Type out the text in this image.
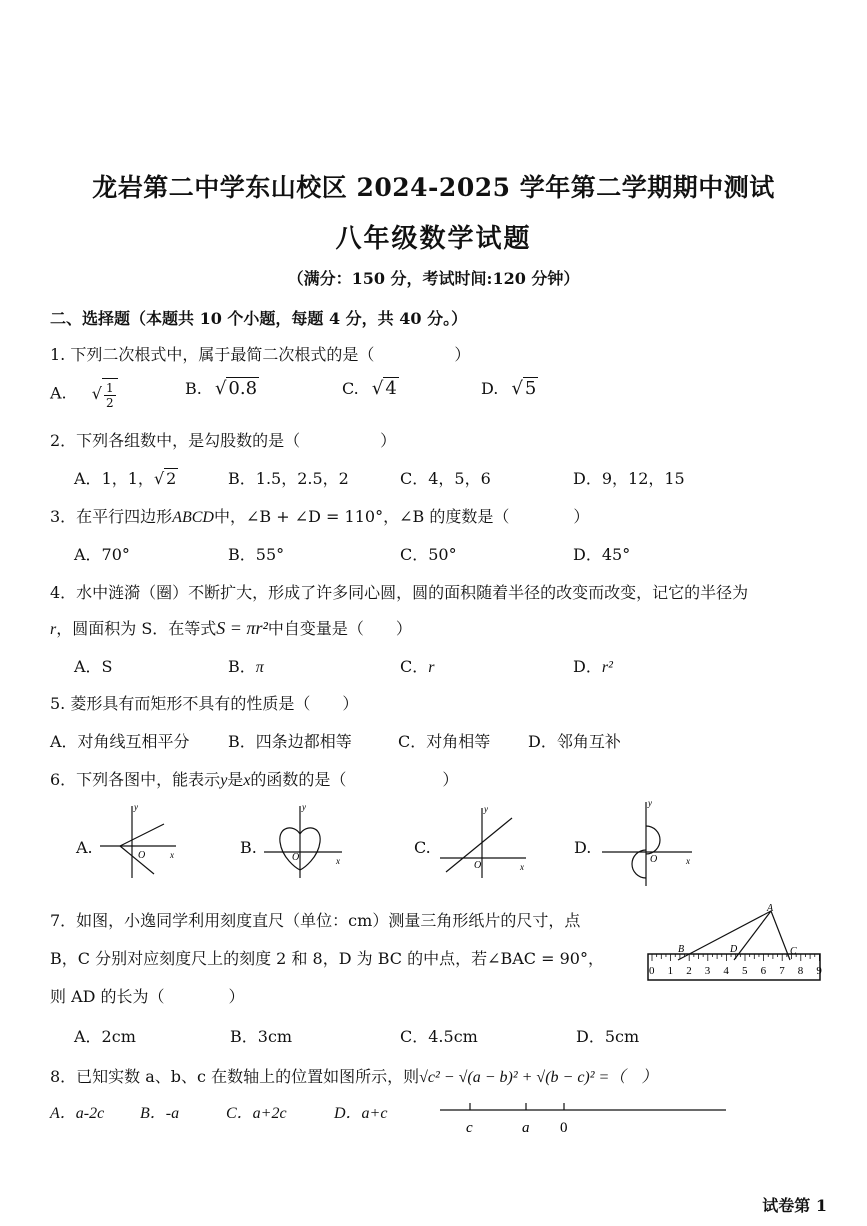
龙岩第二中学东山校区 2024-2025 学年第二学期期中测试
八年级数学试题
（满分：150 分，考试时间:120 分钟）
二、选择题（本题共 10 个小题，每题 4 分，共 40 分。）
1. 下列二次根式中，属于最简二次根式的是（　　　　　）
A. √ $\frac{1}{2}$	B. √ 0.8	C. √ 4	D. √ 5
2．下列各组数中，是勾股数的是（　　　　　）
A．1，1，√ 2	B．1.5，2.5，2	C．4，5，6	D．9，12，15
3．在平行四边形ABCD中，∠B + ∠D = 110°，∠B 的度数是（　　　　）
A．70°	B．55°	C．50°	D．45°
4．水中涟漪（圈）不断扩大，形成了许多同心圆，圆的面积随着半径的改变而改变，记它的半径为
r，圆面积为 S．在等式S = πr²中自变量是（　　）
A．S	B．π	C．r	D．r²
5. 菱形具有而矩形不具有的性质是（　　）
A．对角线互相平分 B．四条边都相等	C．对角相等 D．邻角互补
6．下列各图中，能表示y是x的函数的是（　　　　　　）
A.
y
x
O	B.
y
x
O
C.
y
x
O
D.
y
x
O
7．如图，小逸同学利用刻度直尺（单位：cm）测量三角形纸片的尺寸，点
B，C 分别对应刻度尺上的刻度 2 和 8，D 为 BC 的中点，若∠BAC = 90°，
则 AD 的长为（　　　　）
A．2cm	B．3cm	C．4.5cm	D．5cm
0 1 2 3 4 5 6 7 8 9
A
B	C
D
8．已知实数 a、b、c 在数轴上的位置如图所示，则√c² − √(a − b)² + √(b − c)² =（　）
A．a-2c B．-a	C．a+2c	D．a+c
c	a 0
试卷第 1
